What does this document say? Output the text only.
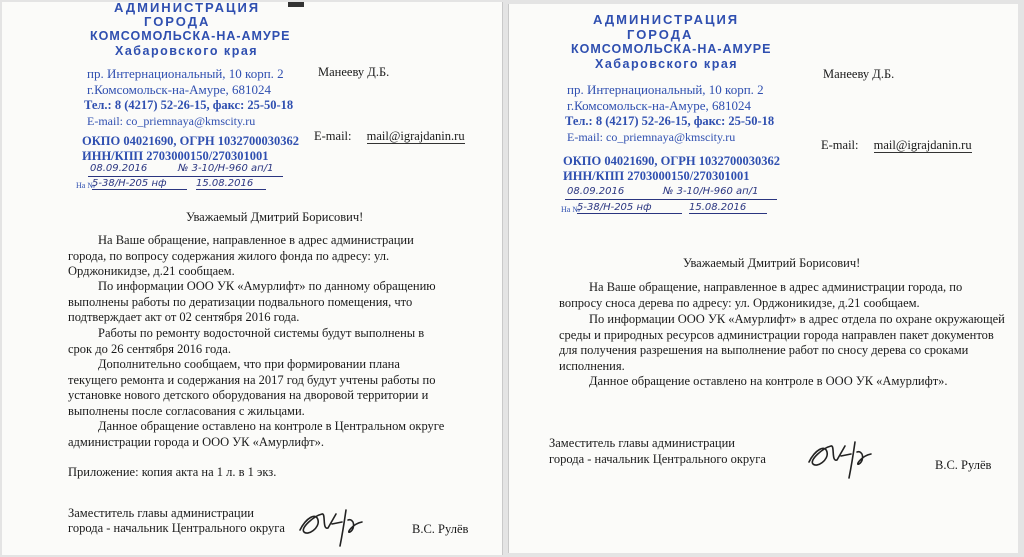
АДМИНИСТРАЦИЯ
ГОРОДА
КОМСОМОЛЬСКА-НА-АМУРЕ
Хабаровского края
пр. Интернациональный, 10 корп. 2
г.Комсомольск-на-Амуре, 681024
Тел.: 8 (4217) 52-26-15, факс: 25-50-18
E-mail: co_priemnaya@kmscity.ru
ОКПО 04021690, ОГРН 1032700030362
ИНН/КПП 2703000150/270301001
08.09.2016	№ 3-10/Н-960 ап/1
На №
5-38/Н-205 нф	15.08.2016
Манееву Д.Б.
E-mail: mail@igrajdanin.ru
Уважаемый Дмитрий Борисович!
На Ваше обращение, направленное в адрес администрации города, по вопросу содержания жилого фонда по адресу: ул. Орджоникидзе, д.21 сообщаем.
По информации ООО УК «Амурлифт» по данному обращению выполнены работы по дератизации подвального помещения, что подтверждает акт от 02 сентября 2016 года.
Работы по ремонту водосточной системы будут выполнены в срок до 26 сентября 2016 года.
Дополнительно сообщаем, что при формировании плана текущего ремонта и содержания на 2017 год будут учтены работы по установке нового детского оборудования на дворовой территории и выполнены после согласования с жильцами.
Данное обращение оставлено на контроле в Центральном округе администрации города и ООО УК «Амурлифт».
Приложение: копия акта на 1 л. в 1 экз.
Заместитель главы администрации
города - начальник Центрального округа	В.С. Рулёв
АДМИНИСТРАЦИЯ
ГОРОДА
КОМСОМОЛЬСКА-НА-АМУРЕ
Хабаровского края
пр. Интернациональный, 10 корп. 2
г.Комсомольск-на-Амуре, 681024
Тел.: 8 (4217) 52-26-15, факс: 25-50-18
E-mail: co_priemnaya@kmscity.ru
ОКПО 04021690, ОГРН 1032700030362
ИНН/КПП 2703000150/270301001
08.09.2016	№ 3-10/Н-960 ап/1
На №
5-38/Н-205 нф	15.08.2016
Манееву Д.Б.
E-mail: mail@igrajdanin.ru
Уважаемый Дмитрий Борисович!
На Ваше обращение, направленное в адрес администрации города, по вопросу сноса дерева по адресу: ул. Орджоникидзе, д.21 сообщаем.
По информации ООО УК «Амурлифт» в адрес отдела по охране окружающей среды и природных ресурсов администрации города направлен пакет документов для получения разрешения на выполнение работ по сносу дерева со сроками исполнения.
Данное обращение оставлено на контроле в ООО УК «Амурлифт».
Заместитель главы администрации
города - начальник Центрального округа	В.С. Рулёв
